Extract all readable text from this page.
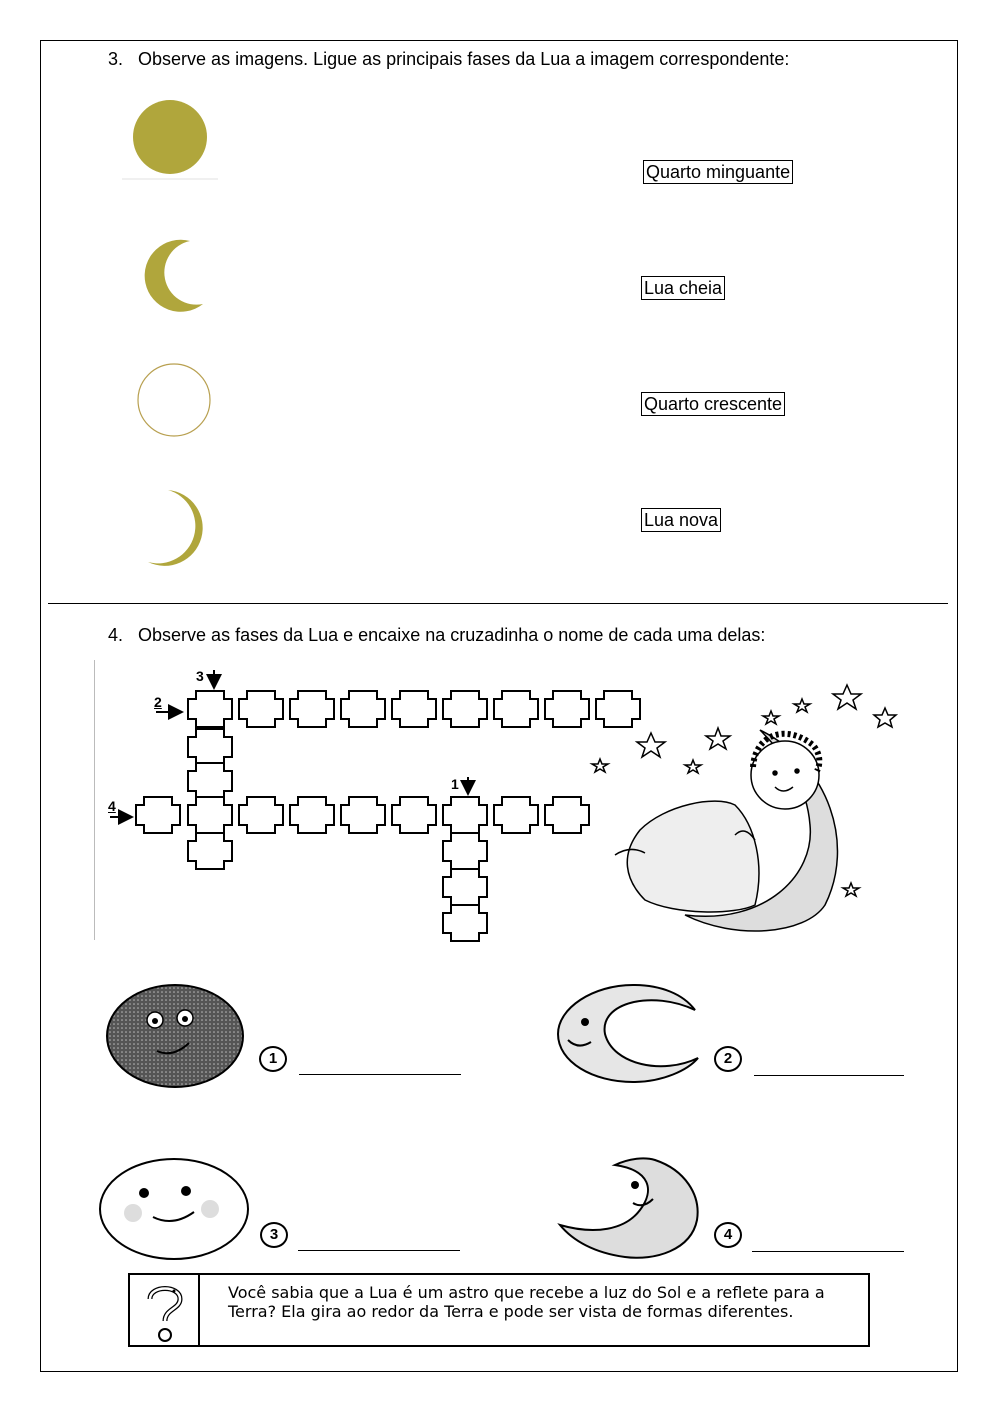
3. Observe as imagens. Ligue as principais fases da Lua a imagem correspondente:
Quarto minguante
Lua cheia
Quarto crescente
Lua nova
4. Observe as fases da Lua e encaixe na cruzadinha o nome de cada uma delas:
3
2
1
4
1	2
3	4
Você sabia que a Lua é um astro que recebe a luz do Sol e a reflete para a Terra? Ela gira ao redor da Terra e pode ser vista de formas diferentes.
